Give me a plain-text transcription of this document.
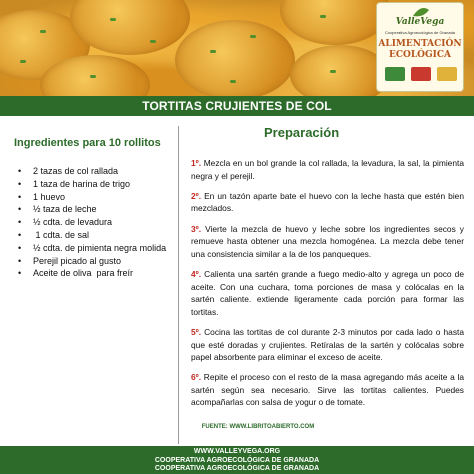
ValleVega
Cooperativa Agroecológica de Granada
ALIMENTACIÓN
ECOLÓGICA
TORTITAS CRUJIENTES DE COL
Ingredientes para 10 rollitos
• 2 tazas de col rallada
• 1 taza de harina de trigo
• 1 huevo
• ½ taza de leche
• ½ cdta. de levadura
• 1 cdta. de sal
• ½ cdta. de pimienta negra molida
• Perejil picado al gusto
• Aceite de oliva  para freír
Preparación

1º. Mezcla en un bol grande la col rallada, la levadura, la sal, la pimienta negra y el perejil.

2º. En un tazón aparte bate el huevo con la leche hasta que estén bien mezclados.

3º. Vierte la mezcla de huevo y leche sobre los ingredientes secos y remueve hasta obtener una mezcla homogénea. La mezcla debe tener una consistencia similar a la de los panqueques.

4º. Calienta una sartén grande a fuego medio-alto y agrega un poco de aceite. Con una cuchara, toma porciones de masa y colócalas en la sartén caliente. extiende ligeramente cada porción para formar las tortitas.

5º. Cocina las tortitas de col durante 2-3 minutos por cada lado o hasta que esté doradas y crujientes. Retíralas de la sartén y colócalas sobre papel absorbente para eliminar el exceso de aceite.

6º. Repite el proceso con el resto de la masa agregando más aceite a la sartén según sea necesario. Sirve las tortitas calientes. Puedes acompañarlas con salsa de yogur o de tomate.

FUENTE: WWW.LIBRITOABIERTO.COM
WWW.VALLEYVEGA.ORG
COOPERATIVA AGROECOLÓGICA DE GRANADA
COOPERATIVA AGROECOLÓGICA DE GRANADA
